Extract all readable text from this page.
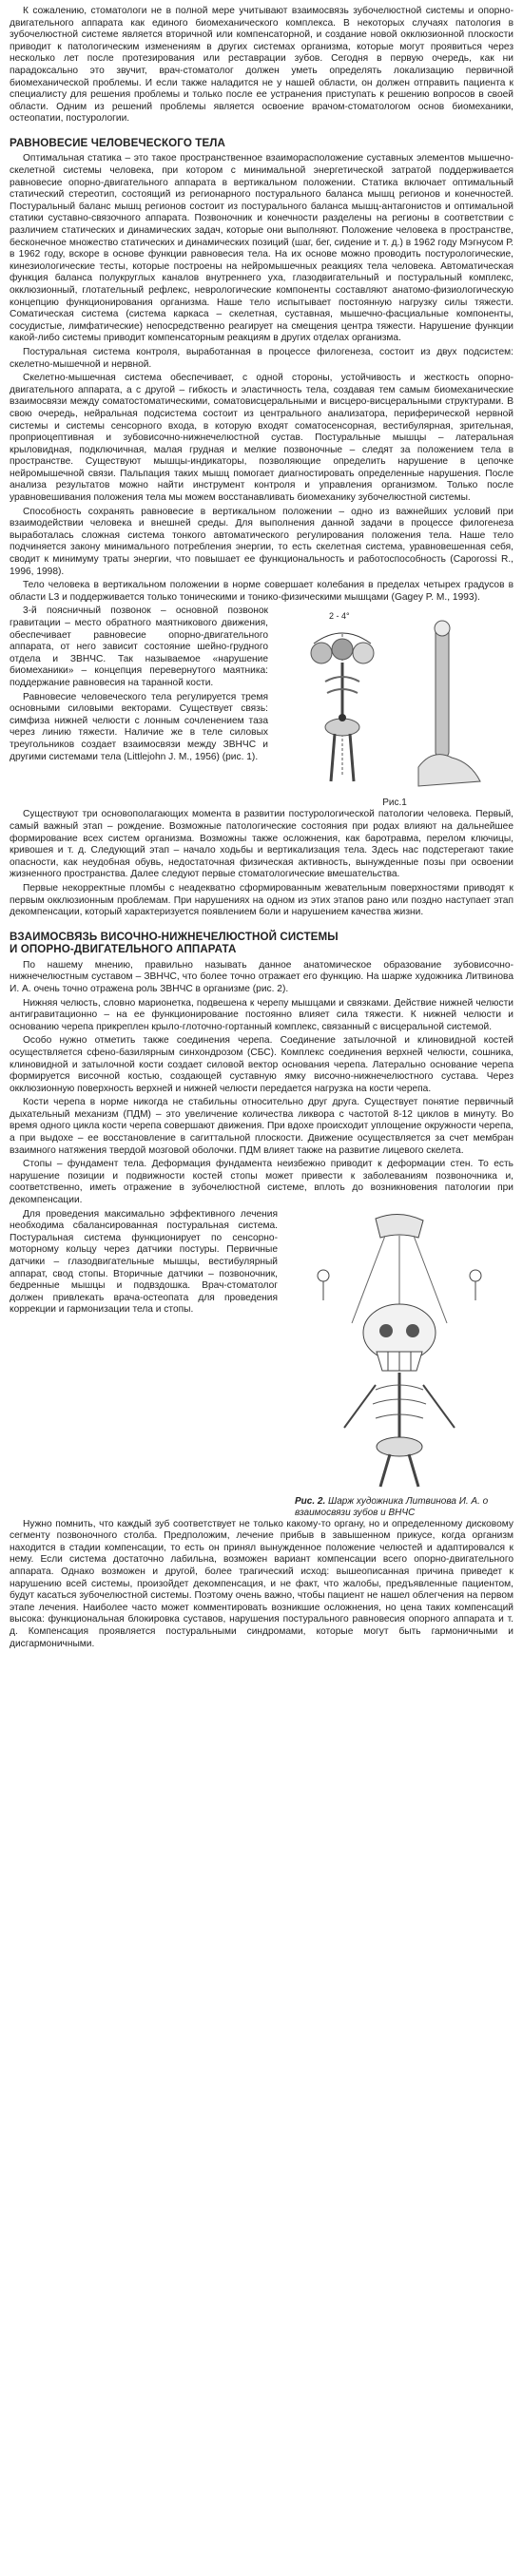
К сожалению, стоматологи не в полной мере учитывают взаимосвязь зубочелюстной системы и опорно-двигательного аппарата как единого биомеханического комплекса. В некоторых случаях патология в зубочелюстной системе является вторичной или компенсаторной, и создание новой окклюзионной плоскости приводит к патологическим изменениям в других системах организма, которые могут проявиться через несколько лет после протезирования или реставрации зубов. Сегодня в первую очередь, как ни парадоксально это звучит, врач-стоматолог должен уметь определять локализацию первичной биомеханической проблемы. И если также наладится не у нашей области, он должен отправить пациента к специалисту для решения проблемы и только после ее устранения приступать к решению вопросов в своей области. Одним из решений проблемы является освоение врачом-стоматологом основ биомеханики, остеопатии, постурологии.

РАВНОВЕСИЕ ЧЕЛОВЕЧЕСКОГО ТЕЛА

Оптимальная статика – это такое пространственное взаиморасположение суставных элементов мышечно-скелетной системы человека, при котором с минимальной энергетической затратой поддерживается равновесие опорно-двигательного аппарата в вертикальном положении. Статика включает оптимальный статический стереотип, состоящий из регионарного постурального баланса мышц регионов и конечностей. Постуральный баланс мышц регионов состоит из постурального баланса мышц-антагонистов и оптимальной статики суставно-связочного аппарата. Позвоночник и конечности разделены на регионы в соответствии с различием статических и динамических задач, которые они выполняют. Положение человека в пространстве, бесконечное множество статических и динамических позиций (шаг, бег, сидение и т. д.) в 1962 году Мэгнусом Р. в 1962 году, вскоре в основе функции равновесия тела. На их основе можно проводить постурологические, кинезиологические тесты, которые построены на нейромышечных реакциях тела человека. Автоматическая функция баланса полукруглых каналов внутреннего уха, глазодвигательный и постуральный комплекс, окклюзионный, глотательный рефлекс, неврологические компоненты составляют анатомо-физиологическую концепцию функционирования организма. Наше тело испытывает постоянную нагрузку силы тяжести. Соматическая система (система каркаса – скелетная, суставная, мышечно-фасциальные компоненты, сосудистые, лимфатические) непосредственно реагирует на смещения центра тяжести. Нарушение функции какой-либо системы приводит компенсаторным реакциям в других отделах организма.

Постуральная система контроля, выработанная в процессе филогенеза, состоит из двух подсистем: скелетно-мышечной и нервной.

Скелетно-мышечная система обеспечивает, с одной стороны, устойчивость и жесткость опорно-двигательного аппарата, а с другой – гибкость и эластичность тела, создавая тем самым биомеханические взаимосвязи между соматостоматическими, соматовисцеральными и висцеро-висцеральными структурами. В свою очередь, нейральная подсистема состоит из центрального анализатора, периферической нервной системы и системы сенсорного входа, в которую входят соматосенсорная, вестибулярная, зрительная, проприоцептивная и зубовисочно-нижнечелюстной сустав. Постуральные мышцы – латеральная крыловидная, подключичная, малая грудная и мелкие позвоночные – следят за положением тела в пространстве. Существуют мышцы-индикаторы, позволяющие определить нарушение в цепочке нейромышечной связи. Пальпация таких мышц помогает диагностировать определенные нарушения. После анализа результатов можно найти инструмент контроля и управления организмом. Только после уравновешивания положения тела мы можем восстанавливать биомеханику зубочелюстной системы.

Способность сохранять равновесие в вертикальном положении – одно из важнейших условий при взаимодействии человека и внешней среды. Для выполнения данной задачи в процессе филогенеза выработалась сложная система тонкого автоматического регулирования положения тела. Наше тело подчиняется закону минимального потребления энергии, то есть скелетная система, уравновешенная себя, сводит к минимуму траты энергии, что повышает ее функциональность и работоспособность (Caporossi R., 1996, 1998).

Тело человека в вертикальном положении в норме совершает колебания в пределах четырех градусов в области L3 и поддерживается только тоническими и тонико-физическими мышцами (Gagey P. M., 1993).

3-й поясничный позвонок – основной позвонок гравитации – место обратного маятникового движения, обеспечивает равновесие опорно-двигательного аппарата, от него зависит состояние шейно-грудного отдела и ЗВНЧС. Так называемое «нарушение биомеханики» – концепция перевернутого маятника: поддержание равновесия на таранной кости.

Равновесие человеческого тела регулируется тремя основными силовыми векторами. Существует связь: симфиза нижней челюсти с лонным сочленением таза через линию тяжести. Наличие же в теле силовых треугольников создает взаимосвязи между ЗВНЧС и другими системами тела (Littlejohn J. M., 1956) (рис. 1).

2 - 4°
Рис.1

Существуют три основополагающих момента в развитии постурологической патологии человека. Первый, самый важный этап – рождение. Возможные патологические состояния при родах влияют на дальнейшее формирование всех систем организма. Возможны также осложнения, как баротравма, перелом ключицы, кривошея и т. д. Следующий этап – начало ходьбы и вертикализация тела. Здесь нас подстерегают такие опасности, как неудобная обувь, недостаточная физическая активность, вынужденные позы при освоении жизненного пространства. Далее следуют первые стоматологические вмешательства.

Первые некорректные пломбы с неадекватно сформированным жевательным поверхностями приводят к первым окклюзионным проблемам. При нарушениях на одном из этих этапов рано или поздно наступает этап декомпенсации, который характеризуется появлением боли и нарушением качества жизни.

ВЗАИМОСВЯЗЬ ВИСОЧНО-НИЖНЕЧЕЛЮСТНОЙ СИСТЕМЫ
И ОПОРНО-ДВИГАТЕЛЬНОГО АППАРАТА

По нашему мнению, правильно называть данное анатомическое образование зубовисочно-нижнечелюстным суставом – ЗВНЧС, что более точно отражает его функцию. На шарже художника Литвинова И. А. очень точно отражена роль ЗВНЧС в организме (рис. 2).

Нижняя челюсть, словно марионетка, подвешена к черепу мышцами и связками. Действие нижней челюсти антигравитационно – на ее функционирование постоянно влияет сила тяжести. К нижней челюсти и основанию черепа прикреплен крыло-глоточно-гортанный комплекс, связанный с висцеральной системой.

Особо нужно отметить также соединения черепа. Соединение затылочной и клиновидной костей осуществляется сфено-базилярным синхондрозом (СБС). Комплекс соединения верхней челюсти, сошника, клиновидной и затылочной кости создает силовой вектор основания черепа. Латерально основание черепа формируется височной костью, создающей суставную ямку височно-нижнечелюстного сустава. Через окклюзионную поверхность верхней и нижней челюсти передается нагрузка на кости черепа.

Кости черепа в норме никогда не стабильны относительно друг друга. Существует понятие первичный дыхательный механизм (ПДМ) – это увеличение количества ликвора с частотой 8-12 циклов в минуту. Во время одного цикла кости черепа совершают движения. При вдохе происходит уплощение окружности черепа, а при выдохе – ее восстановление в сагиттальной плоскости. Движение осуществляется за счет мембран взаимного натяжения твердой мозговой оболочки. ПДМ влияет также на развитие лицевого скелета.

Стопы – фундамент тела. Деформация фундамента неизбежно приводит к деформации стен. То есть нарушение позиции и подвижности костей стопы может привести к заболеваниям позвоночника и, соответственно, иметь отражение в зубочелюстной системе, вплоть до возникновения патологии при декомпенсации.

Для проведения максимально эффективного лечения необходима сбалансированная постуральная система. Постуральная система функционирует по сенсорно-моторному кольцу через датчики постуры. Первичные датчики – глазодвигательные мышцы, вестибулярный аппарат, свод стопы. Вторичные датчики – позвоночник, бедренные мышцы и подвздошка. Врач-стоматолог должен привлекать врача-остеопата для проведения коррекции и гармонизации тела и стопы.

Рис. 2. Шарж художника Литвинова И. А. о взаимосвязи зубов и ВНЧС

Нужно помнить, что каждый зуб соответствует не только какому-то органу, но и определенному дисковому сегменту позвоночного столба. Предположим, лечение прибыв в завышенном прикусе, когда организм находится в стадии компенсации, то есть он принял вынужденное положение челюстей и адаптировался к нему. Если система достаточно лабильна, возможен вариант компенсации всего опорно-двигательного аппарата. Однако возможен и другой, более трагический исход: вышеописанная причина приведет к нарушению всей системы, произойдет декомпенсация, и не факт, что жалобы, предъявленные пациентом, будут касаться зубочелюстной системы. Поэтому очень важно, чтобы пациент не нашел облегчения на первом этапе лечения. Наиболее часто может комментировать возникшие осложнения, но цена таких компенсаций высока: функциональная блокировка суставов, нарушения постурального равновесия опорного аппарата и т. д. Компенсация проявляется постуральными синдромами, которые могут быть гармоничными и дисгармоничными.
